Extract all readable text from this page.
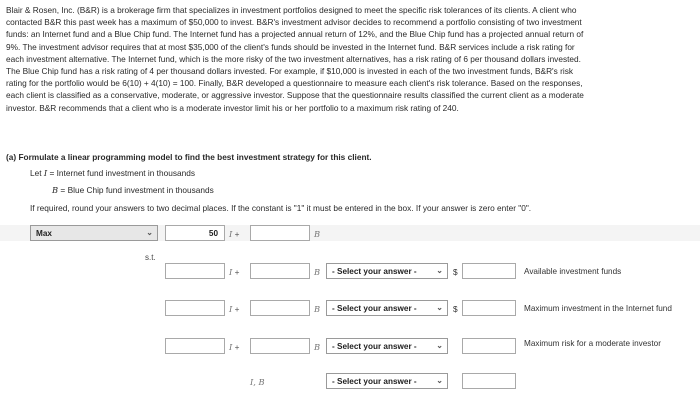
Blair & Rosen, Inc. (B&R) is a brokerage firm that specializes in investment portfolios designed to meet the specific risk tolerances of its clients. A client who
contacted B&R this past week has a maximum of $50,000 to invest. B&R's investment advisor decides to recommend a portfolio consisting of two investment
funds: an Internet fund and a Blue Chip fund. The Internet fund has a projected annual return of 12%, and the Blue Chip fund has a projected annual return of
9%. The investment advisor requires that at most $35,000 of the client's funds should be invested in the Internet fund. B&R services include a risk rating for
each investment alternative. The Internet fund, which is the more risky of the two investment alternatives, has a risk rating of 6 per thousand dollars invested.
The Blue Chip fund has a risk rating of 4 per thousand dollars invested. For example, if $10,000 is invested in each of the two investment funds, B&R's risk
rating for the portfolio would be 6(10) + 4(10) = 100. Finally, B&R developed a questionnaire to measure each client's risk tolerance. Based on the responses,
each client is classified as a conservative, moderate, or aggressive investor. Suppose that the questionnaire results classified the current client as a moderate
investor. B&R recommends that a client who is a moderate investor limit his or her portfolio to a maximum risk rating of 240.
(a) Formulate a linear programming model to find the best investment strategy for this client.
Let I = Internet fund investment in thousands
B = Blue Chip fund investment in thousands
If required, round your answers to two decimal places. If the constant is "1" it must be entered in the box. If your answer is zero enter "0".
Max	⌄	50	I +	B
s.t.
I +	B	- Select your answer - ⌄ $	Available investment funds
I +	B	- Select your answer - ⌄ $	Maximum investment in the Internet fund
I +	B	- Select your answer - ⌄	Maximum risk for a moderate investor
I, B	- Select your answer - ⌄
